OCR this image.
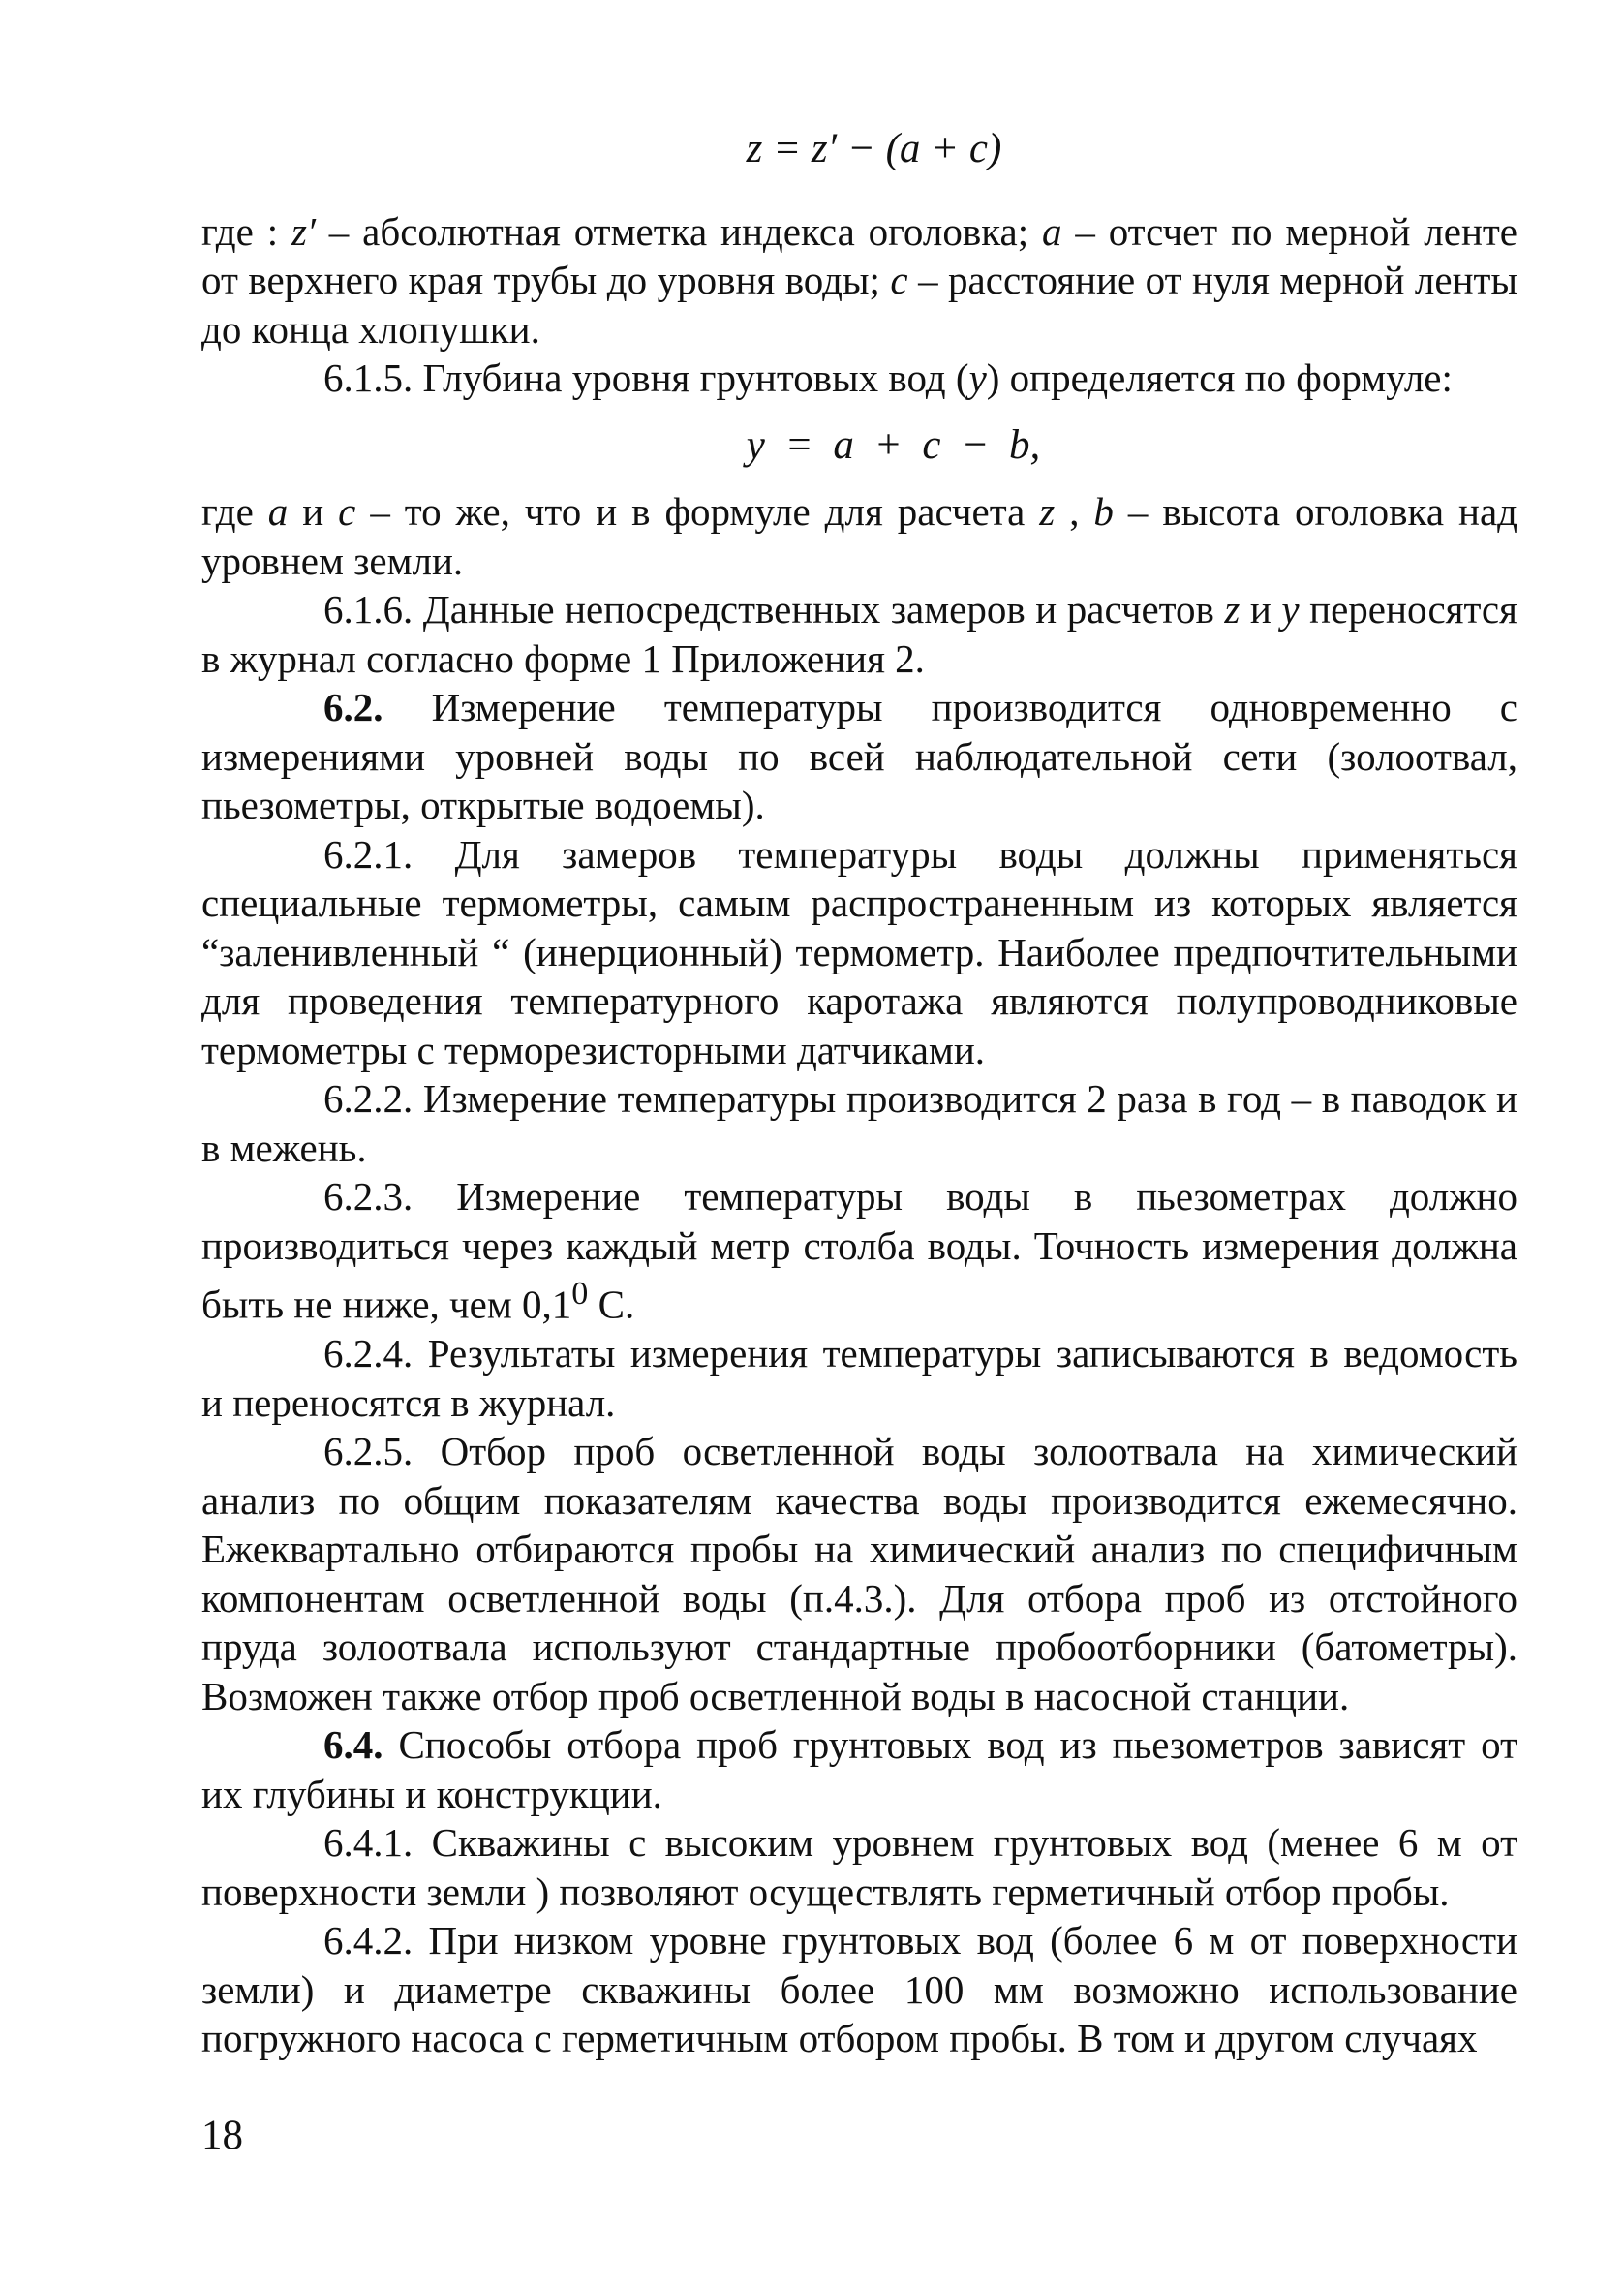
z = z′ − (a + c)

где : z′ – абсолютная отметка индекса оголовка; a – отсчет по мерной ленте от верхнего края трубы до уровня воды; c – расстояние от нуля мерной ленты до конца хлопушки.

6.1.5. Глубина уровня грунтовых вод (y) определяется по формуле:

y = a + c − b,

где a и c – то же, что и в формуле для расчета z , b – высота оголовка над уровнем земли.

6.1.6. Данные непосредственных замеров и расчетов z и y переносятся в журнал согласно форме 1 Приложения 2.

6.2. Измерение температуры производится одновременно с измерениями уровней воды по всей наблюдательной сети (золоотвал, пьезометры, открытые водоемы).

6.2.1. Для замеров температуры воды должны применяться специальные термометры, самым распространенным из которых является “заленивленный “ (инерционный) термометр. Наиболее предпочтительными для проведения температурного каротажа являются полупроводниковые термометры с терморезисторными датчиками.

6.2.2. Измерение температуры производится 2 раза в год – в паводок и в межень.

6.2.3. Измерение температуры воды в пьезометрах должно производиться через каждый метр столба воды. Точность измерения должна быть не ниже, чем $0,1^0$ С.

6.2.4. Результаты измерения температуры записываются в ведомость и переносятся в журнал.

6.2.5. Отбор проб осветленной воды золоотвала на химический анализ по общим показателям качества воды производится ежемесячно. Ежеквартально отбираются пробы на химический анализ по специфичным компонентам осветленной воды (п.4.3.). Для отбора проб из отстойного пруда золоотвала используют стандартные пробоотборники (батометры). Возможен также отбор проб осветленной воды в насосной станции.

6.4. Способы отбора проб грунтовых вод из пьезометров зависят от их глубины и конструкции.

6.4.1. Скважины с высоким уровнем грунтовых вод (менее 6 м от поверхности земли ) позволяют осуществлять герметичный отбор пробы.

6.4.2. При низком уровне грунтовых вод (более 6 м от поверхности земли) и диаметре скважины более 100 мм возможно использование погружного насоса с герметичным отбором пробы. В том и другом случаях

18
